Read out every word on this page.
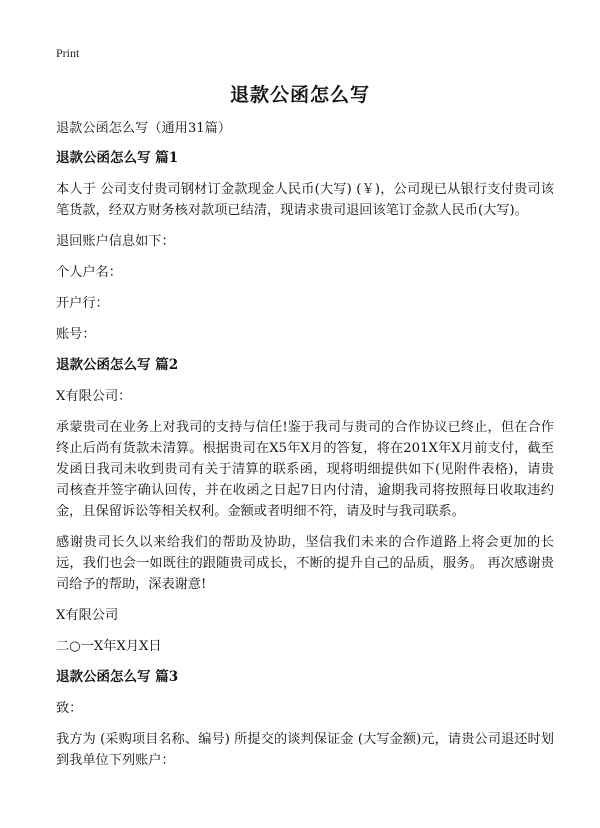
Print
退款公函怎么写
退款公函怎么写（通用31篇）
退款公函怎么写 篇1
本人于 公司支付贵司钢材订金款现金人民币(大写) (￥)，公司现已从银行支付贵司该笔货款，经双方财务核对款项已结清，现请求贵司退回该笔订金款人民币(大写)。
退回账户信息如下：
个人户名：
开户行：
账号：
退款公函怎么写 篇2
X有限公司：
承蒙贵司在业务上对我司的支持与信任!鉴于我司与贵司的合作协议已终止，但在合作终止后尚有货款未清算。根据贵司在X5年X月的答复，将在201X年X月前支付，截至发函日我司未收到贵司有关于清算的联系函，现将明细提供如下(见附件表格)，请贵司核查并签字确认回传，并在收函之日起7日内付清，逾期我司将按照每日收取违约金，且保留诉讼等相关权利。金额或者明细不符，请及时与我司联系。
感谢贵司长久以来给我们的帮助及协助，坚信我们未来的合作道路上将会更加的长远，我们也会一如既往的跟随贵司成长，不断的提升自己的品质，服务。 再次感谢贵司给予的帮助，深表谢意!
X有限公司
二○一X年X月X日
退款公函怎么写 篇3
致：
我方为 (采购项目名称、编号) 所提交的谈判保证金 (大写金额)元，请贵公司退还时划到我单位下列账户：
